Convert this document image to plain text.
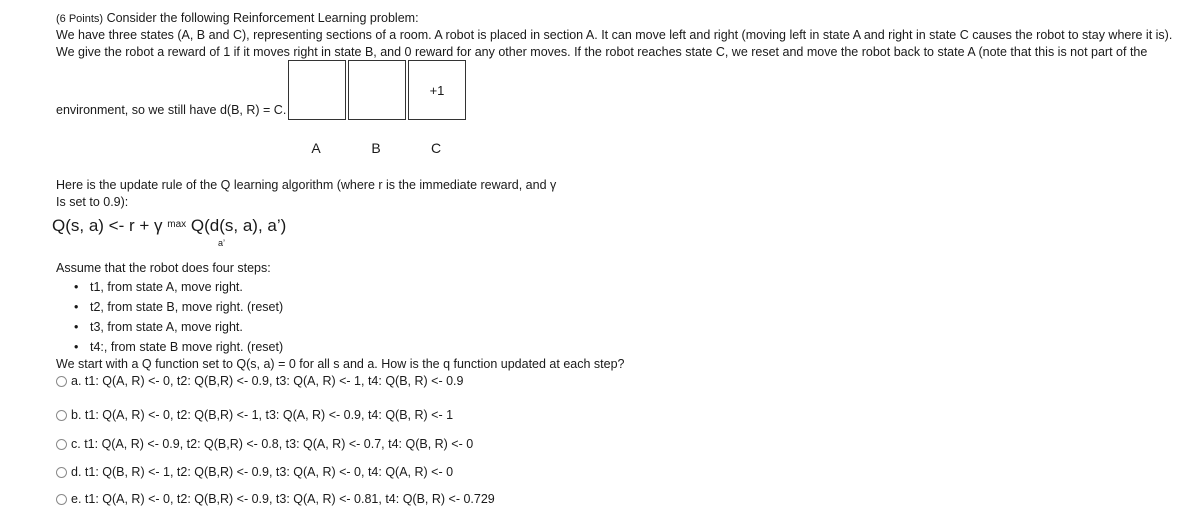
(6 Points) Consider the following Reinforcement Learning problem:
We have three states (A, B and C), representing sections of a room. A robot is placed in section A. It can move left and right (moving left in state A and right in state C causes the robot to stay where it is).
We give the robot a reward of 1 if it moves right in state B, and 0 reward for any other moves. If the robot reaches state C, we reset and move the robot back to state A (note that this is not part of the
environment, so we still have d(B, R) = C.
+1
A	B	C
Here is the update rule of the Q learning algorithm (where r is the immediate reward, and γ
Is set to 0.9):
Q(s, a) <- r + γ $^{max}$ Q(d(s, a), a’)
a’
Assume that the robot does four steps:
• t1, from state A, move right.
• t2, from state B, move right. (reset)
• t3, from state A, move right.
• t4:, from state B move right. (reset)
We start with a Q function set to Q(s, a) = 0 for all s and a. How is the q function updated at each step?
a. t1: Q(A, R) <- 0, t2: Q(B,R) <- 0.9, t3: Q(A, R) <- 1, t4: Q(B, R) <- 0.9
b. t1: Q(A, R) <- 0, t2: Q(B,R) <- 1, t3: Q(A, R) <- 0.9, t4: Q(B, R) <- 1
c. t1: Q(A, R) <- 0.9, t2: Q(B,R) <- 0.8, t3: Q(A, R) <- 0.7, t4: Q(B, R) <- 0
d. t1: Q(B, R) <- 1, t2: Q(B,R) <- 0.9, t3: Q(A, R) <- 0, t4: Q(A, R) <- 0
e. t1: Q(A, R) <- 0, t2: Q(B,R) <- 0.9, t3: Q(A, R) <- 0.81, t4: Q(B, R) <- 0.729
